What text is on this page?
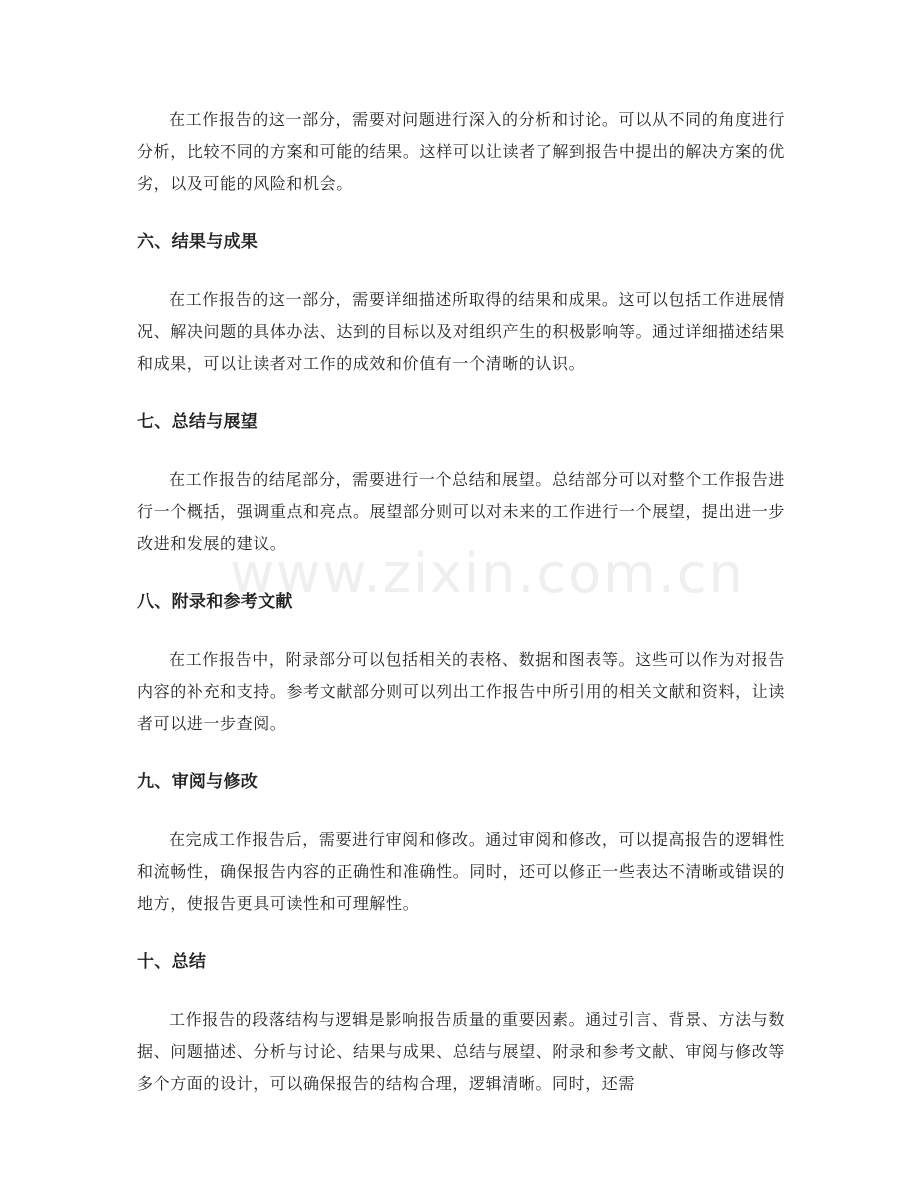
在工作报告的这一部分，需要对问题进行深入的分析和讨论。可以从不同的角度进行分析，比较不同的方案和可能的结果。这样可以让读者了解到报告中提出的解决方案的优劣，以及可能的风险和机会。

六、结果与成果

在工作报告的这一部分，需要详细描述所取得的结果和成果。这可以包括工作进展情况、解决问题的具体办法、达到的目标以及对组织产生的积极影响等。通过详细描述结果和成果，可以让读者对工作的成效和价值有一个清晰的认识。

七、总结与展望

在工作报告的结尾部分，需要进行一个总结和展望。总结部分可以对整个工作报告进行一个概括，强调重点和亮点。展望部分则可以对未来的工作进行一个展望，提出进一步改进和发展的建议。

八、附录和参考文献

在工作报告中，附录部分可以包括相关的表格、数据和图表等。这些可以作为对报告内容的补充和支持。参考文献部分则可以列出工作报告中所引用的相关文献和资料，让读者可以进一步查阅。

九、审阅与修改

在完成工作报告后，需要进行审阅和修改。通过审阅和修改，可以提高报告的逻辑性和流畅性，确保报告内容的正确性和准确性。同时，还可以修正一些表达不清晰或错误的地方，使报告更具可读性和可理解性。

十、总结

工作报告的段落结构与逻辑是影响报告质量的重要因素。通过引言、背景、方法与数据、问题描述、分析与讨论、结果与成果、总结与展望、附录和参考文献、审阅与修改等多个方面的设计，可以确保报告的结构合理，逻辑清晰。同时，还需

www.zixin.com.cn
